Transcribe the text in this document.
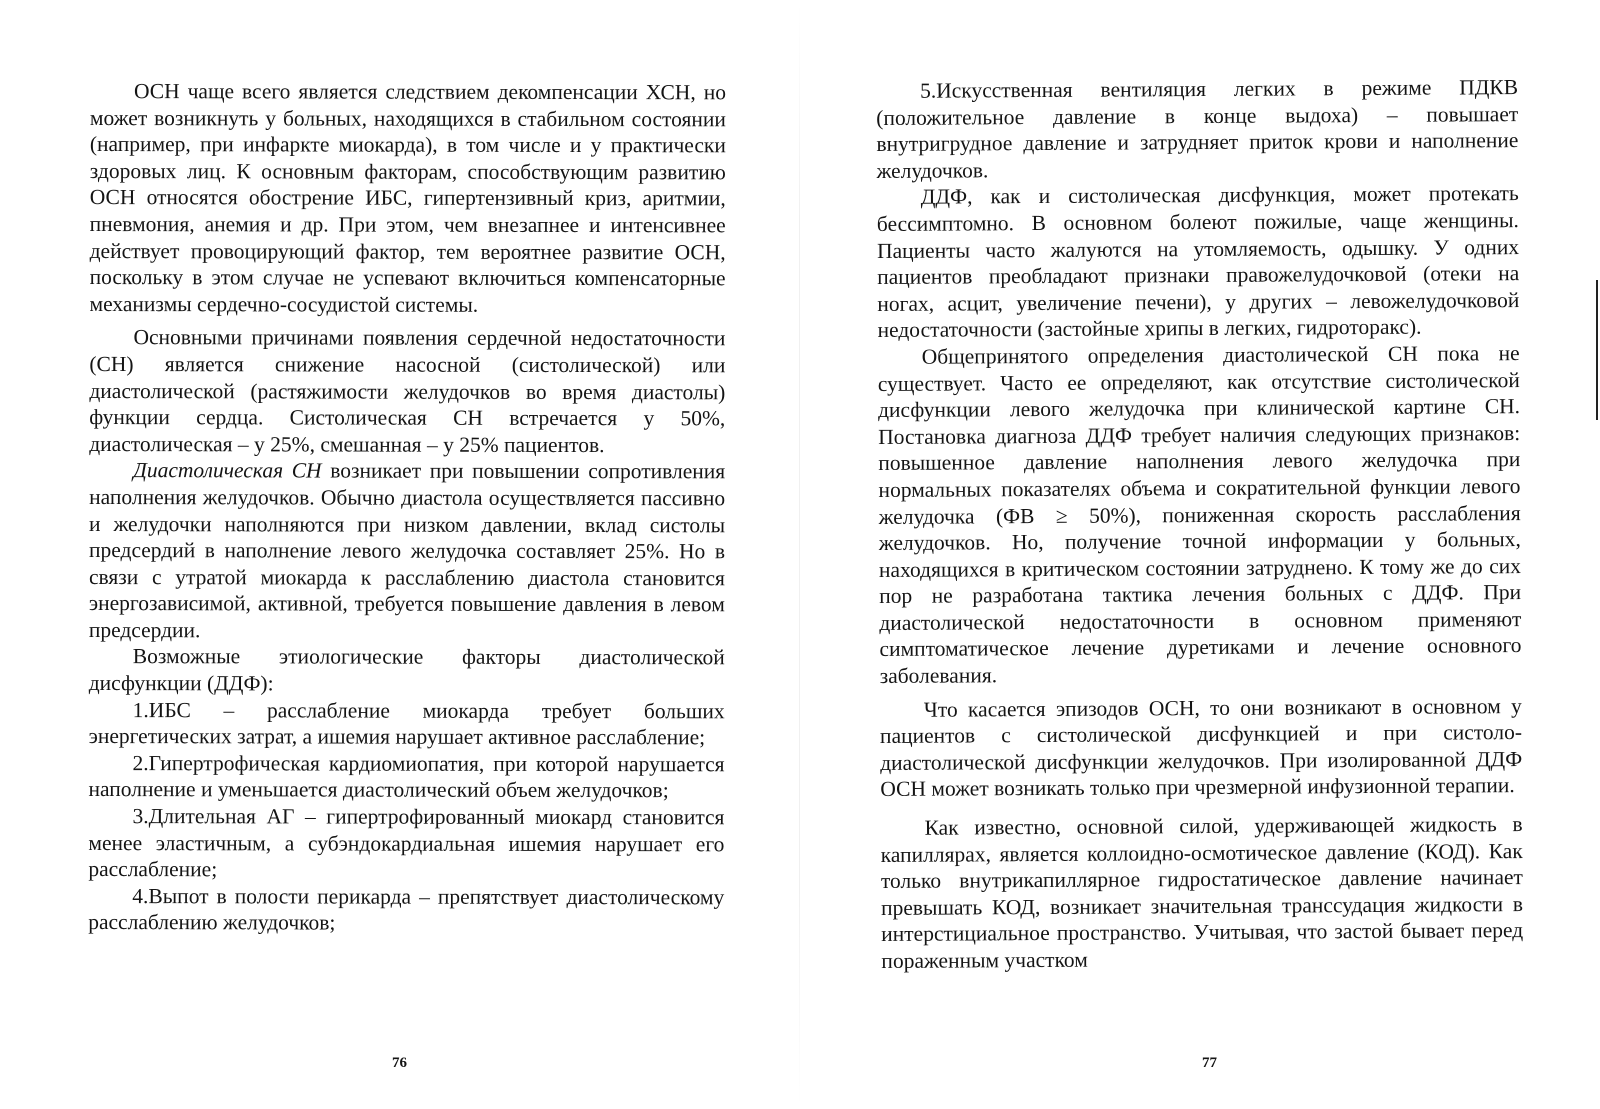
ОСН чаще всего является следствием декомпенсации ХСН, но может возникнуть у больных, находящихся в стабильном состоянии (например, при инфаркте миокарда), в том числе и у практически здоровых лиц. К основным факторам, способствующим развитию ОСН относятся обострение ИБС, гипертензивный криз, аритмии, пневмония, анемия и др. При этом, чем внезапнее и интенсивнее действует провоцирующий фактор, тем вероятнее развитие ОСН, поскольку в этом случае не успевают включиться компенсаторные механизмы сердечно-сосудистой системы.

Основными причинами появления сердечной недостаточности (СН) является снижение насосной (систолической) или диастолической (растяжимости желудочков во время диастолы) функции сердца. Систолическая СН встречается у 50%, диастолическая – у 25%, смешанная – у 25% пациентов.

Диастолическая СН возникает при повышении сопротивления наполнения желудочков. Обычно диастола осуществляется пассивно и желудочки наполняются при низком давлении, вклад систолы предсердий в наполнение левого желудочка составляет 25%. Но в связи с утратой миокарда к расслаблению диастола становится энергозависимой, активной, требуется повышение давления в левом предсердии.

Возможные этиологические факторы диастолической дисфункции (ДДФ):

1.ИБС – расслабление миокарда требует больших энергетических затрат, а ишемия нарушает активное расслабление;

2.Гипертрофическая кардиомиопатия, при которой нарушается наполнение и уменьшается диастолический объем желудочков;

3.Длительная АГ – гипертрофированный миокард становится менее эластичным, а субэндокардиальная ишемия нарушает его расслабление;

4.Выпот в полости перикарда – препятствует диастолическому расслаблению желудочков;

76

5.Искусственная вентиляция легких в режиме ПДКВ (положительное давление в конце выдоха) – повышает внутригрудное давление и затрудняет приток крови и наполнение желудочков.

ДДФ, как и систолическая дисфункция, может протекать бессимптомно. В основном болеют пожилые, чаще женщины. Пациенты часто жалуются на утомляемость, одышку. У одних пациентов преобладают признаки правожелудочковой (отеки на ногах, асцит, увеличение печени), у других – левожелудочковой недостаточности (застойные хрипы в легких, гидроторакс).

Общепринятого определения диастолической СН пока не существует. Часто ее определяют, как отсутствие систолической дисфункции левого желудочка при клинической картине СН. Постановка диагноза ДДФ требует наличия следующих признаков: повышенное давление наполнения левого желудочка при нормальных показателях объема и сократительной функции левого желудочка (ФВ ≥ 50%), пониженная скорость расслабления желудочков. Но, получение точной информации у больных, находящихся в критическом состоянии затруднено. К тому же до сих пор не разработана тактика лечения больных с ДДФ. При диастолической недостаточности в основном применяют симптоматическое лечение дуретиками и лечение основного заболевания.

Что касается эпизодов ОСН, то они возникают в основном у пациентов с систолической дисфункцией и при систоло-диастолической дисфункции желудочков. При изолированной ДДФ ОСН может возникать только при чрезмерной инфузионной терапии.

Как известно, основной силой, удерживающей жидкость в капиллярах, является коллоидно-осмотическое давление (КОД). Как только внутрикапиллярное гидростатическое давление начинает превышать КОД, возникает значительная транссудация жидкости в интерстициальное пространство. Учитывая, что застой бывает перед пораженным участком

77
